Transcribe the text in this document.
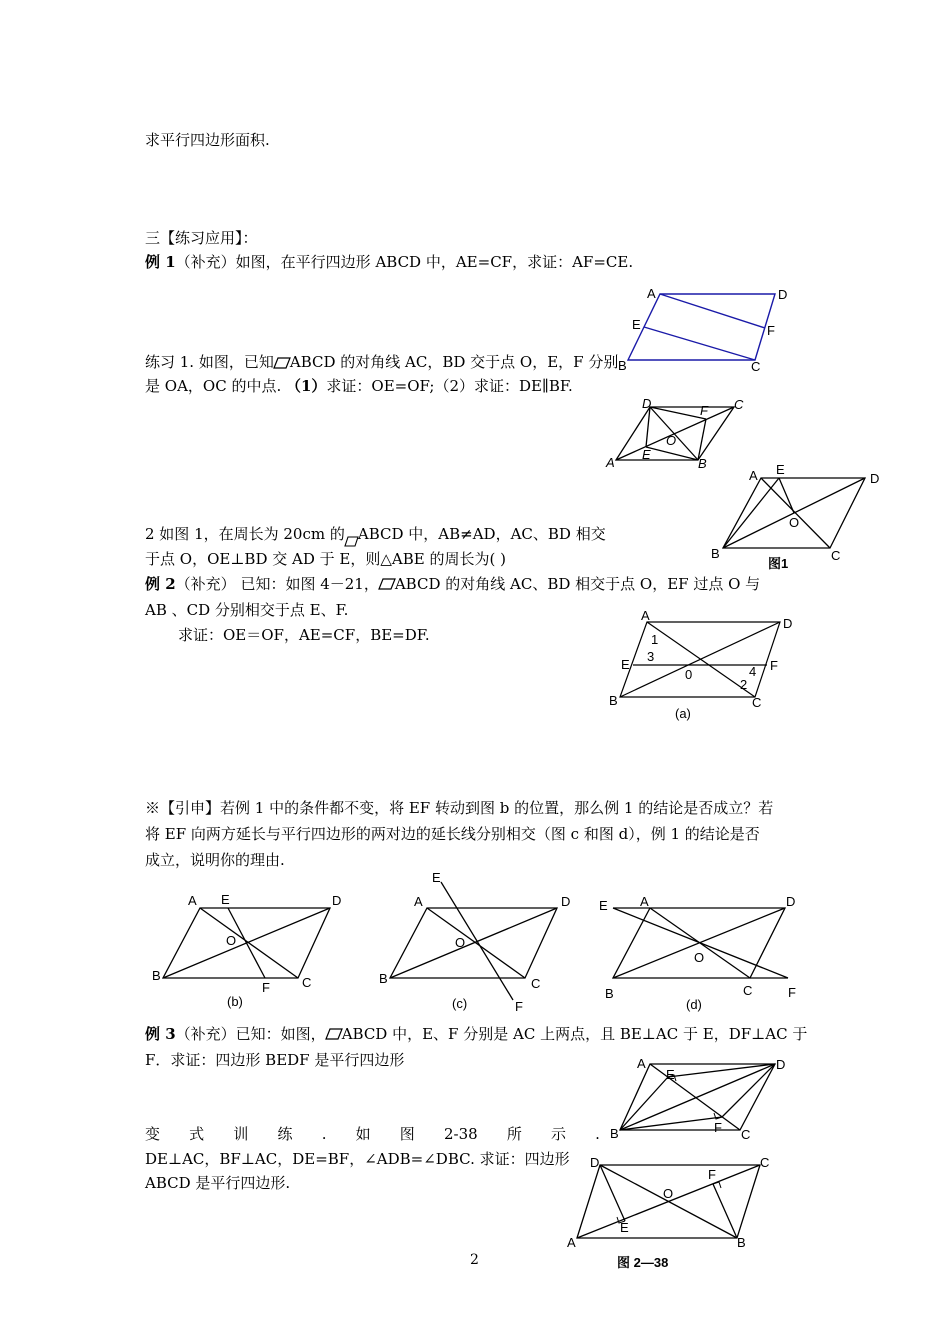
求平行四边形面积.
三【练习应用】：
例 1（补充）如图，在平行四边形 ABCD 中，AE=CF，求证：AF=CE.
练习 1. 如图，已知 ABCD 的对角线 AC，BD 交于点 O，E，F 分别
是 OA，OC 的中点. （1）求证：OE=OF;（2）求证：DE∥BF.
2 如图 1，在周长为 20cm 的 ABCD 中，AB≠AD，AC、BD 相交
于点 O，OE⊥BD 交 AD 于 E，则△ABE 的周长为( )
例 2（补充） 已知：如图 4－21， ABCD 的对角线 AC、BD 相交于点 O，EF 过点 O 与
AB 、CD 分别相交于点 E、F.
求证：OE＝OF，AE=CF，BE=DF.
※【引申】若例 1 中的条件都不变，将 EF 转动到图 b 的位置，那么例 1 的结论是否成立？若
将 EF 向两方延长与平行四边形的两对边的延长线分别相交（图 c 和图 d），例 1 的结论是否
成立，说明你的理由.
例 3（补充）已知：如图， ABCD 中，E、F 分别是 AC 上两点，且 BE⊥AC 于 E，DF⊥AC 于
F．求证：四边形 BEDF 是平行四边形
变 式 训 练 . 如 图 2-38 所 示 .
DE⊥AC，BF⊥AC，DE=BF，∠ADB=∠DBC. 求证：四边形
ABCD 是平行四边形.
2
A	D
E	F
B	C
D	F C
O
E
A	B
A E
D
O
B	C
图1
A
D
1
E
3
0	4 F
2
B	C
(a)
A E	D
O
B	C
F
(b)
E
A	D
O
B	C
F
(c)
E A	D
O
B	C	F
(d)
A	D
E
F
B	C
D	C
F
O
E
A	B
图 2—38
